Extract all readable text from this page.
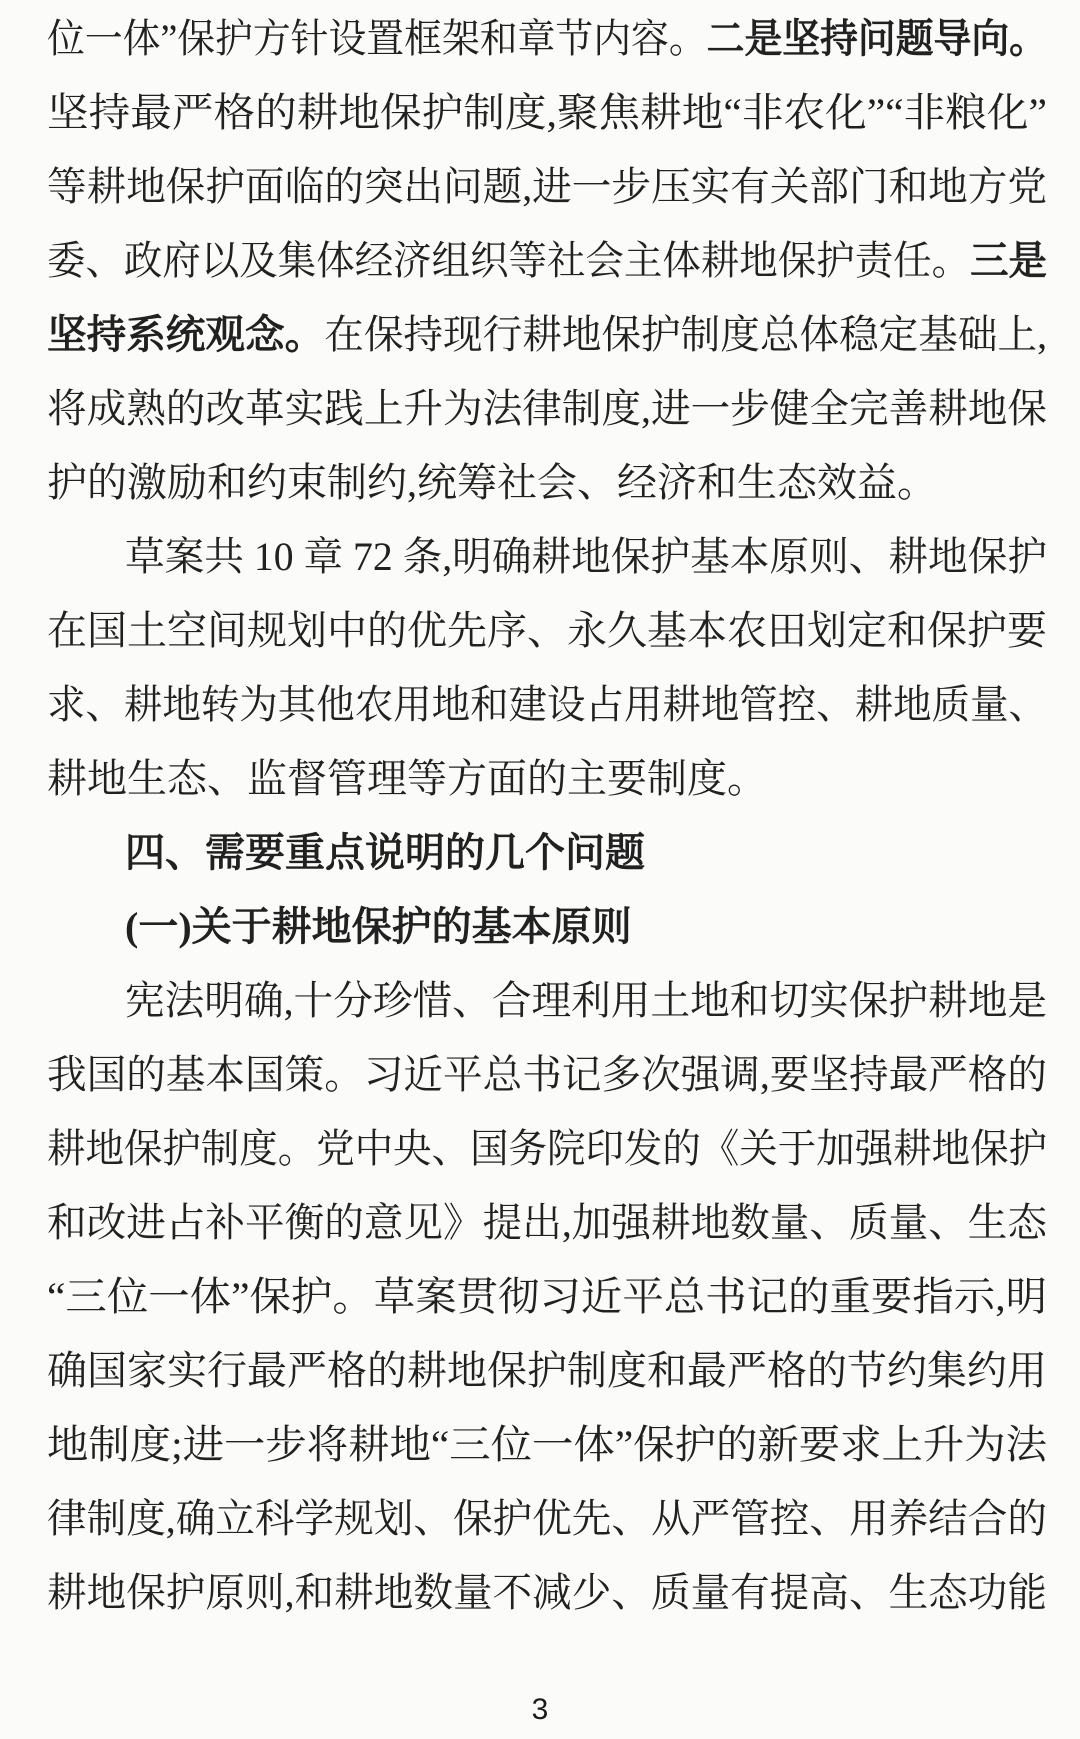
位一体”保护方针设置框架和章节内容。二是坚持问题导向。
坚持最严格的耕地保护制度,聚焦耕地“非农化”“非粮化”
等耕地保护面临的突出问题,进一步压实有关部门和地方党
委、政府以及集体经济组织等社会主体耕地保护责任。三是
坚持系统观念。在保持现行耕地保护制度总体稳定基础上,
将成熟的改革实践上升为法律制度,进一步健全完善耕地保
护的激励和约束制约,统筹社会、经济和生态效益。
草案共 10 章 72 条,明确耕地保护基本原则、耕地保护
在国土空间规划中的优先序、永久基本农田划定和保护要
求、耕地转为其他农用地和建设占用耕地管控、耕地质量、
耕地生态、监督管理等方面的主要制度。
四、需要重点说明的几个问题
(一)关于耕地保护的基本原则
宪法明确,十分珍惜、合理利用土地和切实保护耕地是
我国的基本国策。习近平总书记多次强调,要坚持最严格的
耕地保护制度。党中央、国务院印发的《关于加强耕地保护
和改进占补平衡的意见》提出,加强耕地数量、质量、生态
“三位一体”保护。草案贯彻习近平总书记的重要指示,明
确国家实行最严格的耕地保护制度和最严格的节约集约用
地制度;进一步将耕地“三位一体”保护的新要求上升为法
律制度,确立科学规划、保护优先、从严管控、用养结合的
耕地保护原则,和耕地数量不减少、质量有提高、生态功能
3
